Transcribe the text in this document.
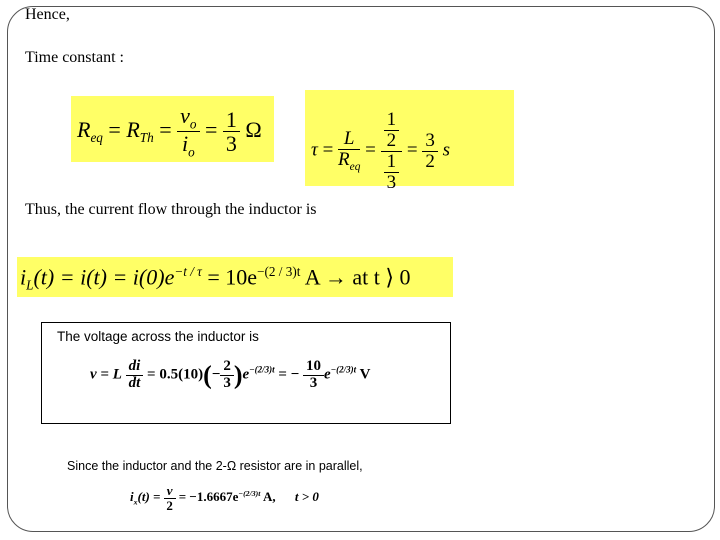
Hence,
Time constant :
$R_{eq} = R_{Th} = \frac{v_o}{i_o} = \frac{1}{3}$ Ω
$\tau = \frac{L}{R_{eq}} = \frac{\frac{1}{2}}{\frac{1}{3}} = \frac{3}{2}$ s
Thus, the current flow through the inductor is
$i_L(t) = i(t) = i(0)e^{-t / \tau} = 10e^{-(2 / 3)t}$ A → at t ⟩ 0
The voltage across the inductor is
v = L $\frac{di}{dt} = 0.5(10)(- \frac{2}{3} )e^{-(2/3)t}$ = − $\frac{10}{3} e^{-(2/3)t}$ V
Since the inductor and the 2-Ω resistor are in parallel,
$i_x(t) = \frac{v}{2} = -1.6667e^{-(2/3)t}$ A, t > 0
